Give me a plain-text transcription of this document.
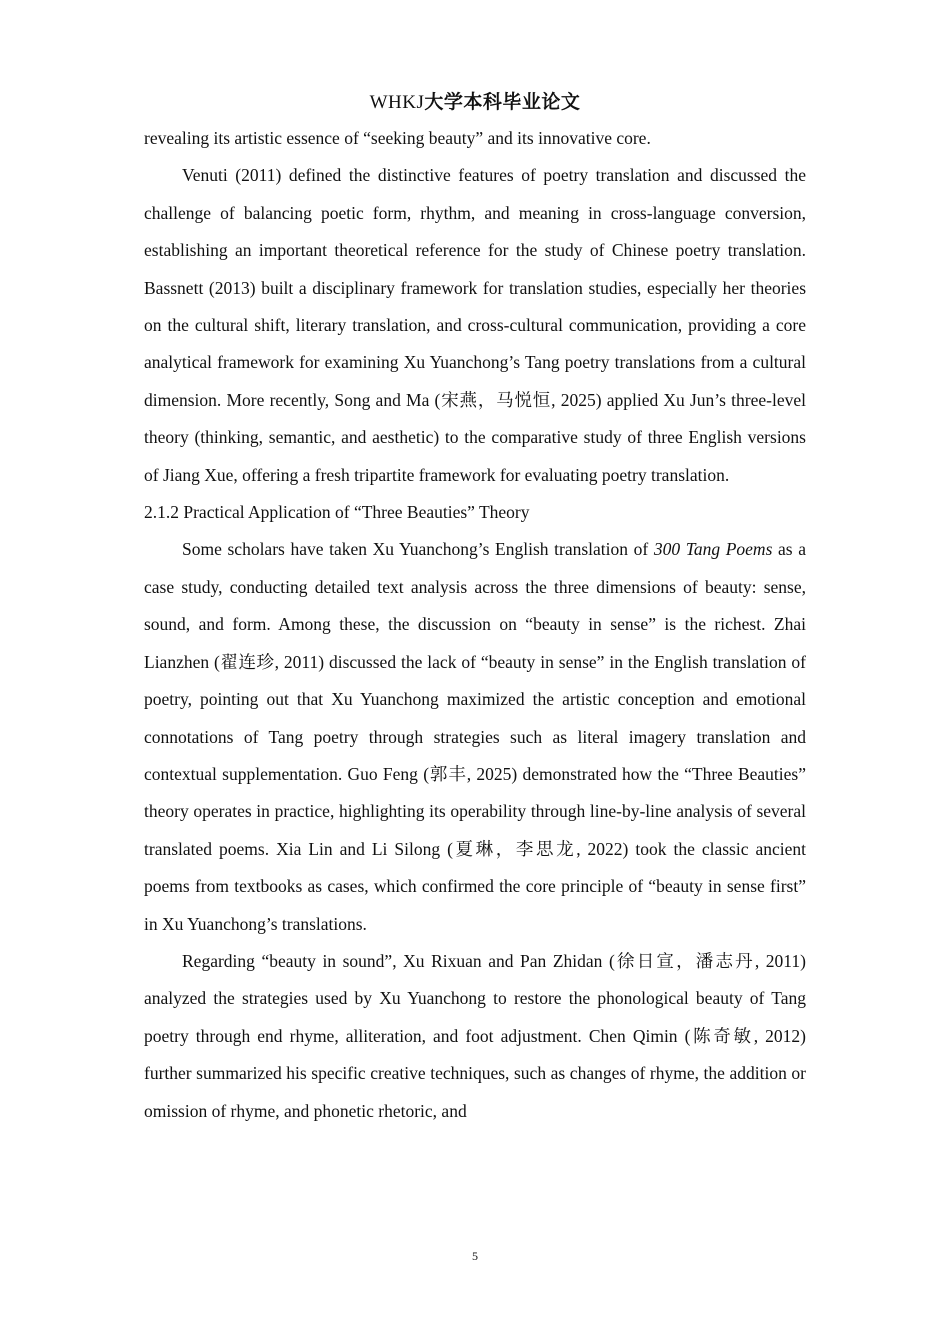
WHKJ大学本科毕业论文

revealing its artistic essence of “seeking beauty” and its innovative core.

Venuti (2011) defined the distinctive features of poetry translation and discussed the challenge of balancing poetic form, rhythm, and meaning in cross-language conversion, establishing an important theoretical reference for the study of Chinese poetry translation. Bassnett (2013) built a disciplinary framework for translation studies, especially her theories on the cultural shift, literary translation, and cross-cultural communication, providing a core analytical framework for examining Xu Yuanchong’s Tang poetry translations from a cultural dimension. More recently, Song and Ma (宋燕，马悦恒, 2025) applied Xu Jun’s three-level theory (thinking, semantic, and aesthetic) to the comparative study of three English versions of Jiang Xue, offering a fresh tripartite framework for evaluating poetry translation.

2.1.2 Practical Application of “Three Beauties” Theory

Some scholars have taken Xu Yuanchong’s English translation of 300 Tang Poems as a case study, conducting detailed text analysis across the three dimensions of beauty: sense, sound, and form. Among these, the discussion on “beauty in sense” is the richest. Zhai Lianzhen (翟连珍, 2011) discussed the lack of “beauty in sense” in the English translation of poetry, pointing out that Xu Yuanchong maximized the artistic conception and emotional connotations of Tang poetry through strategies such as literal imagery translation and contextual supplementation. Guo Feng (郭丰, 2025) demonstrated how the “Three Beauties” theory operates in practice, highlighting its operability through line-by-line analysis of several translated poems. Xia Lin and Li Silong (夏琳，李思龙, 2022) took the classic ancient poems from textbooks as cases, which confirmed the core principle of “beauty in sense first” in Xu Yuanchong’s translations.

Regarding “beauty in sound”, Xu Rixuan and Pan Zhidan (徐日宣，潘志丹, 2011) analyzed the strategies used by Xu Yuanchong to restore the phonological beauty of Tang poetry through end rhyme, alliteration, and foot adjustment. Chen Qimin (陈奇敏, 2012) further summarized his specific creative techniques, such as changes of rhyme, the addition or omission of rhyme, and phonetic rhetoric, and

5
